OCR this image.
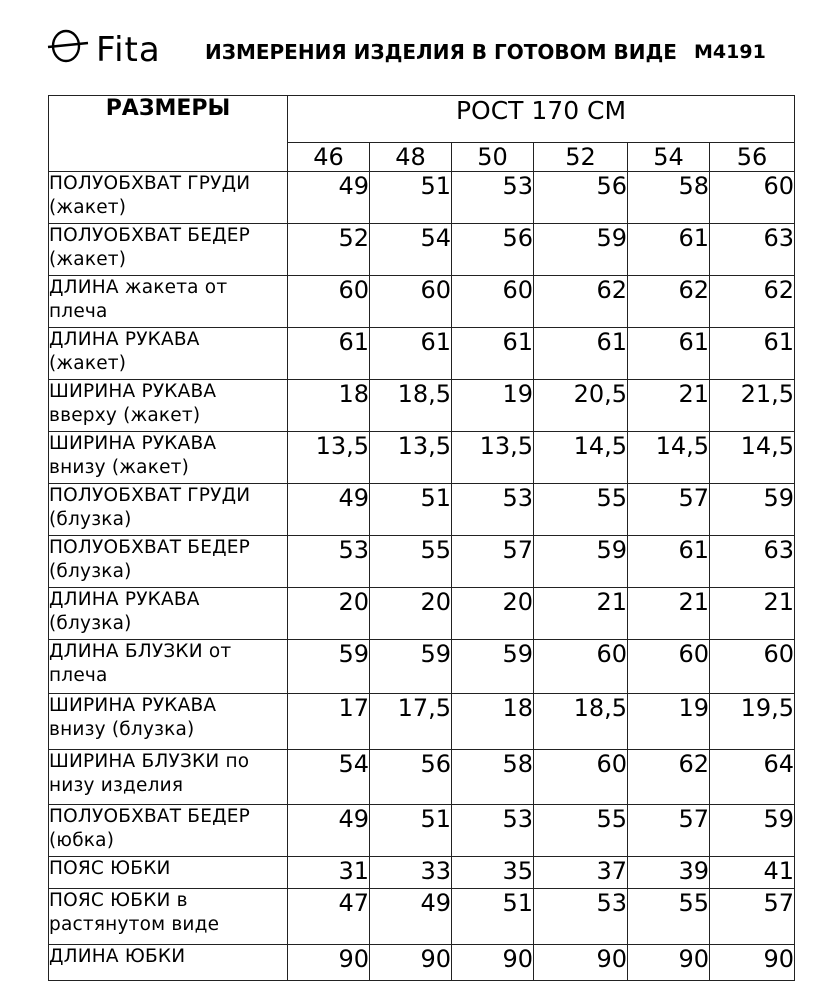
Fita ИЗМЕРЕНИЯ ИЗДЕЛИЯ В ГОТОВОМ ВИДЕ M4191
РАЗМЕРЫ	РОСТ 170 СМ					
	46	48	50	52	54	56

ПОЛУОБХВАТ ГРУДИ
(жакет)	49	51	53	56	58	60

ПОЛУОБХВАТ БЕДЕР
(жакет)	52	54	56	59	61	63

ДЛИНА жакета от
плеча	60	60	60	62	62	62

ДЛИНА РУКАВА
(жакет)	61	61	61	61	61	61

ШИРИНА РУКАВА
вверху (жакет)	18	18,5	19	20,5	21	21,5

ШИРИНА РУКАВА
внизу (жакет)	13,5	13,5	13,5	14,5	14,5	14,5

ПОЛУОБХВАТ ГРУДИ
(блузка)	49	51	53	55	57	59

ПОЛУОБХВАТ БЕДЕР
(блузка)	53	55	57	59	61	63

ДЛИНА РУКАВА
(блузка)	20	20	20	21	21	21

ДЛИНА БЛУЗКИ от
плеча	59	59	59	60	60	60

ШИРИНА РУКАВА
внизу (блузка)	17	17,5	18	18,5	19	19,5

ШИРИНА БЛУЗКИ по
низу изделия	54	56	58	60	62	64

ПОЛУОБХВАТ БЕДЕР
(юбка)	49	51	53	55	57	59

ПОЯС ЮБКИ	31	33	35	37	39	41

ПОЯС ЮБКИ в
растянутом виде	47	49	51	53	55	57

ДЛИНА ЮБКИ	90	90	90	90	90	90
